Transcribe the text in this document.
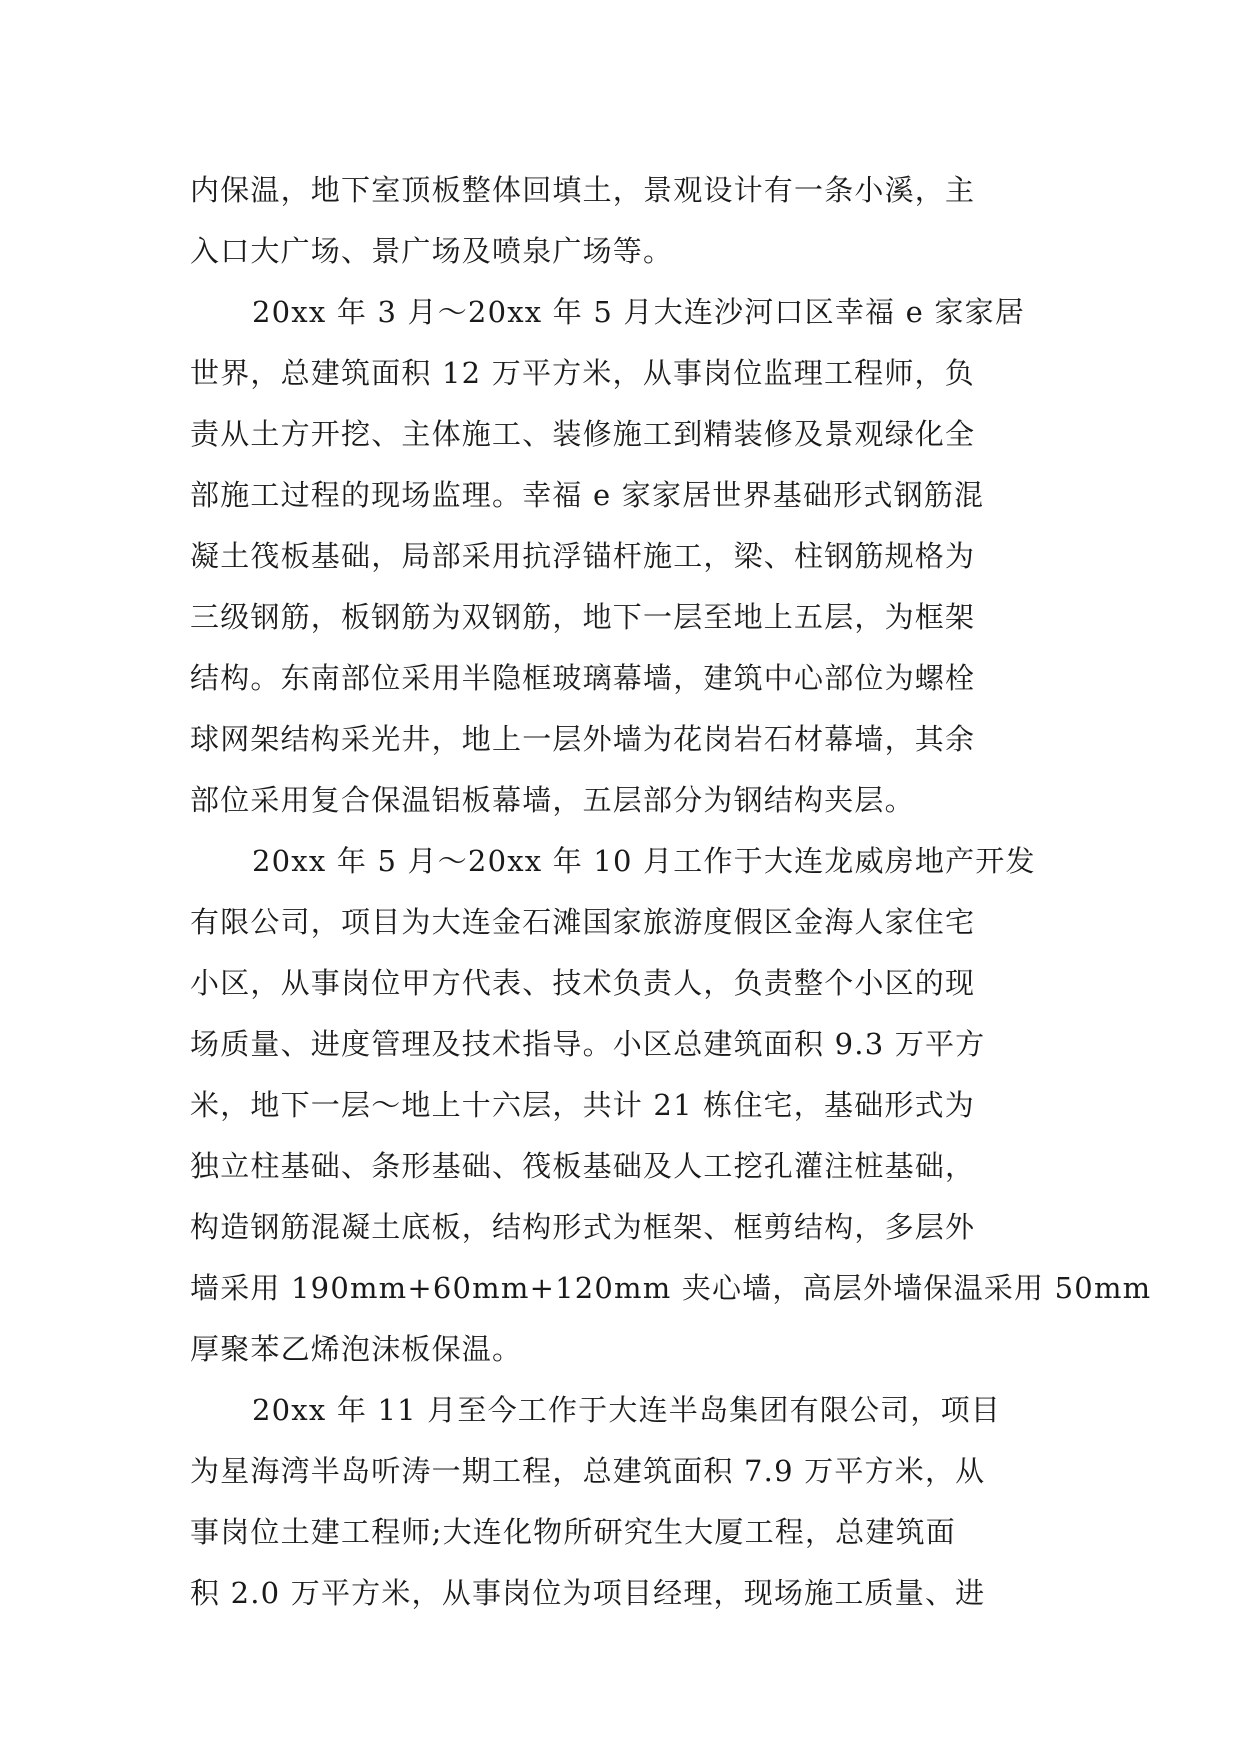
内保温，地下室顶板整体回填土，景观设计有一条小溪，主
入口大广场、景广场及喷泉广场等。
20xx 年 3 月～20xx 年 5 月大连沙河口区幸福 e 家家居
世界，总建筑面积 12 万平方米，从事岗位监理工程师，负
责从土方开挖、主体施工、装修施工到精装修及景观绿化全
部施工过程的现场监理。幸福 e 家家居世界基础形式钢筋混
凝土筏板基础，局部采用抗浮锚杆施工，梁、柱钢筋规格为
三级钢筋，板钢筋为双钢筋，地下一层至地上五层，为框架
结构。东南部位采用半隐框玻璃幕墙，建筑中心部位为螺栓
球网架结构采光井，地上一层外墙为花岗岩石材幕墙，其余
部位采用复合保温铝板幕墙，五层部分为钢结构夹层。
20xx 年 5 月～20xx 年 10 月工作于大连龙威房地产开发
有限公司，项目为大连金石滩国家旅游度假区金海人家住宅
小区，从事岗位甲方代表、技术负责人，负责整个小区的现
场质量、进度管理及技术指导。小区总建筑面积 9.3 万平方
米，地下一层～地上十六层，共计 21 栋住宅，基础形式为
独立柱基础、条形基础、筏板基础及人工挖孔灌注桩基础，
构造钢筋混凝土底板，结构形式为框架、框剪结构，多层外
墙采用 190mm+60mm+120mm 夹心墙，高层外墙保温采用 50mm
厚聚苯乙烯泡沫板保温。
20xx 年 11 月至今工作于大连半岛集团有限公司，项目
为星海湾半岛听涛一期工程，总建筑面积 7.9 万平方米，从
事岗位土建工程师;大连化物所研究生大厦工程，总建筑面
积 2.0 万平方米，从事岗位为项目经理，现场施工质量、进
